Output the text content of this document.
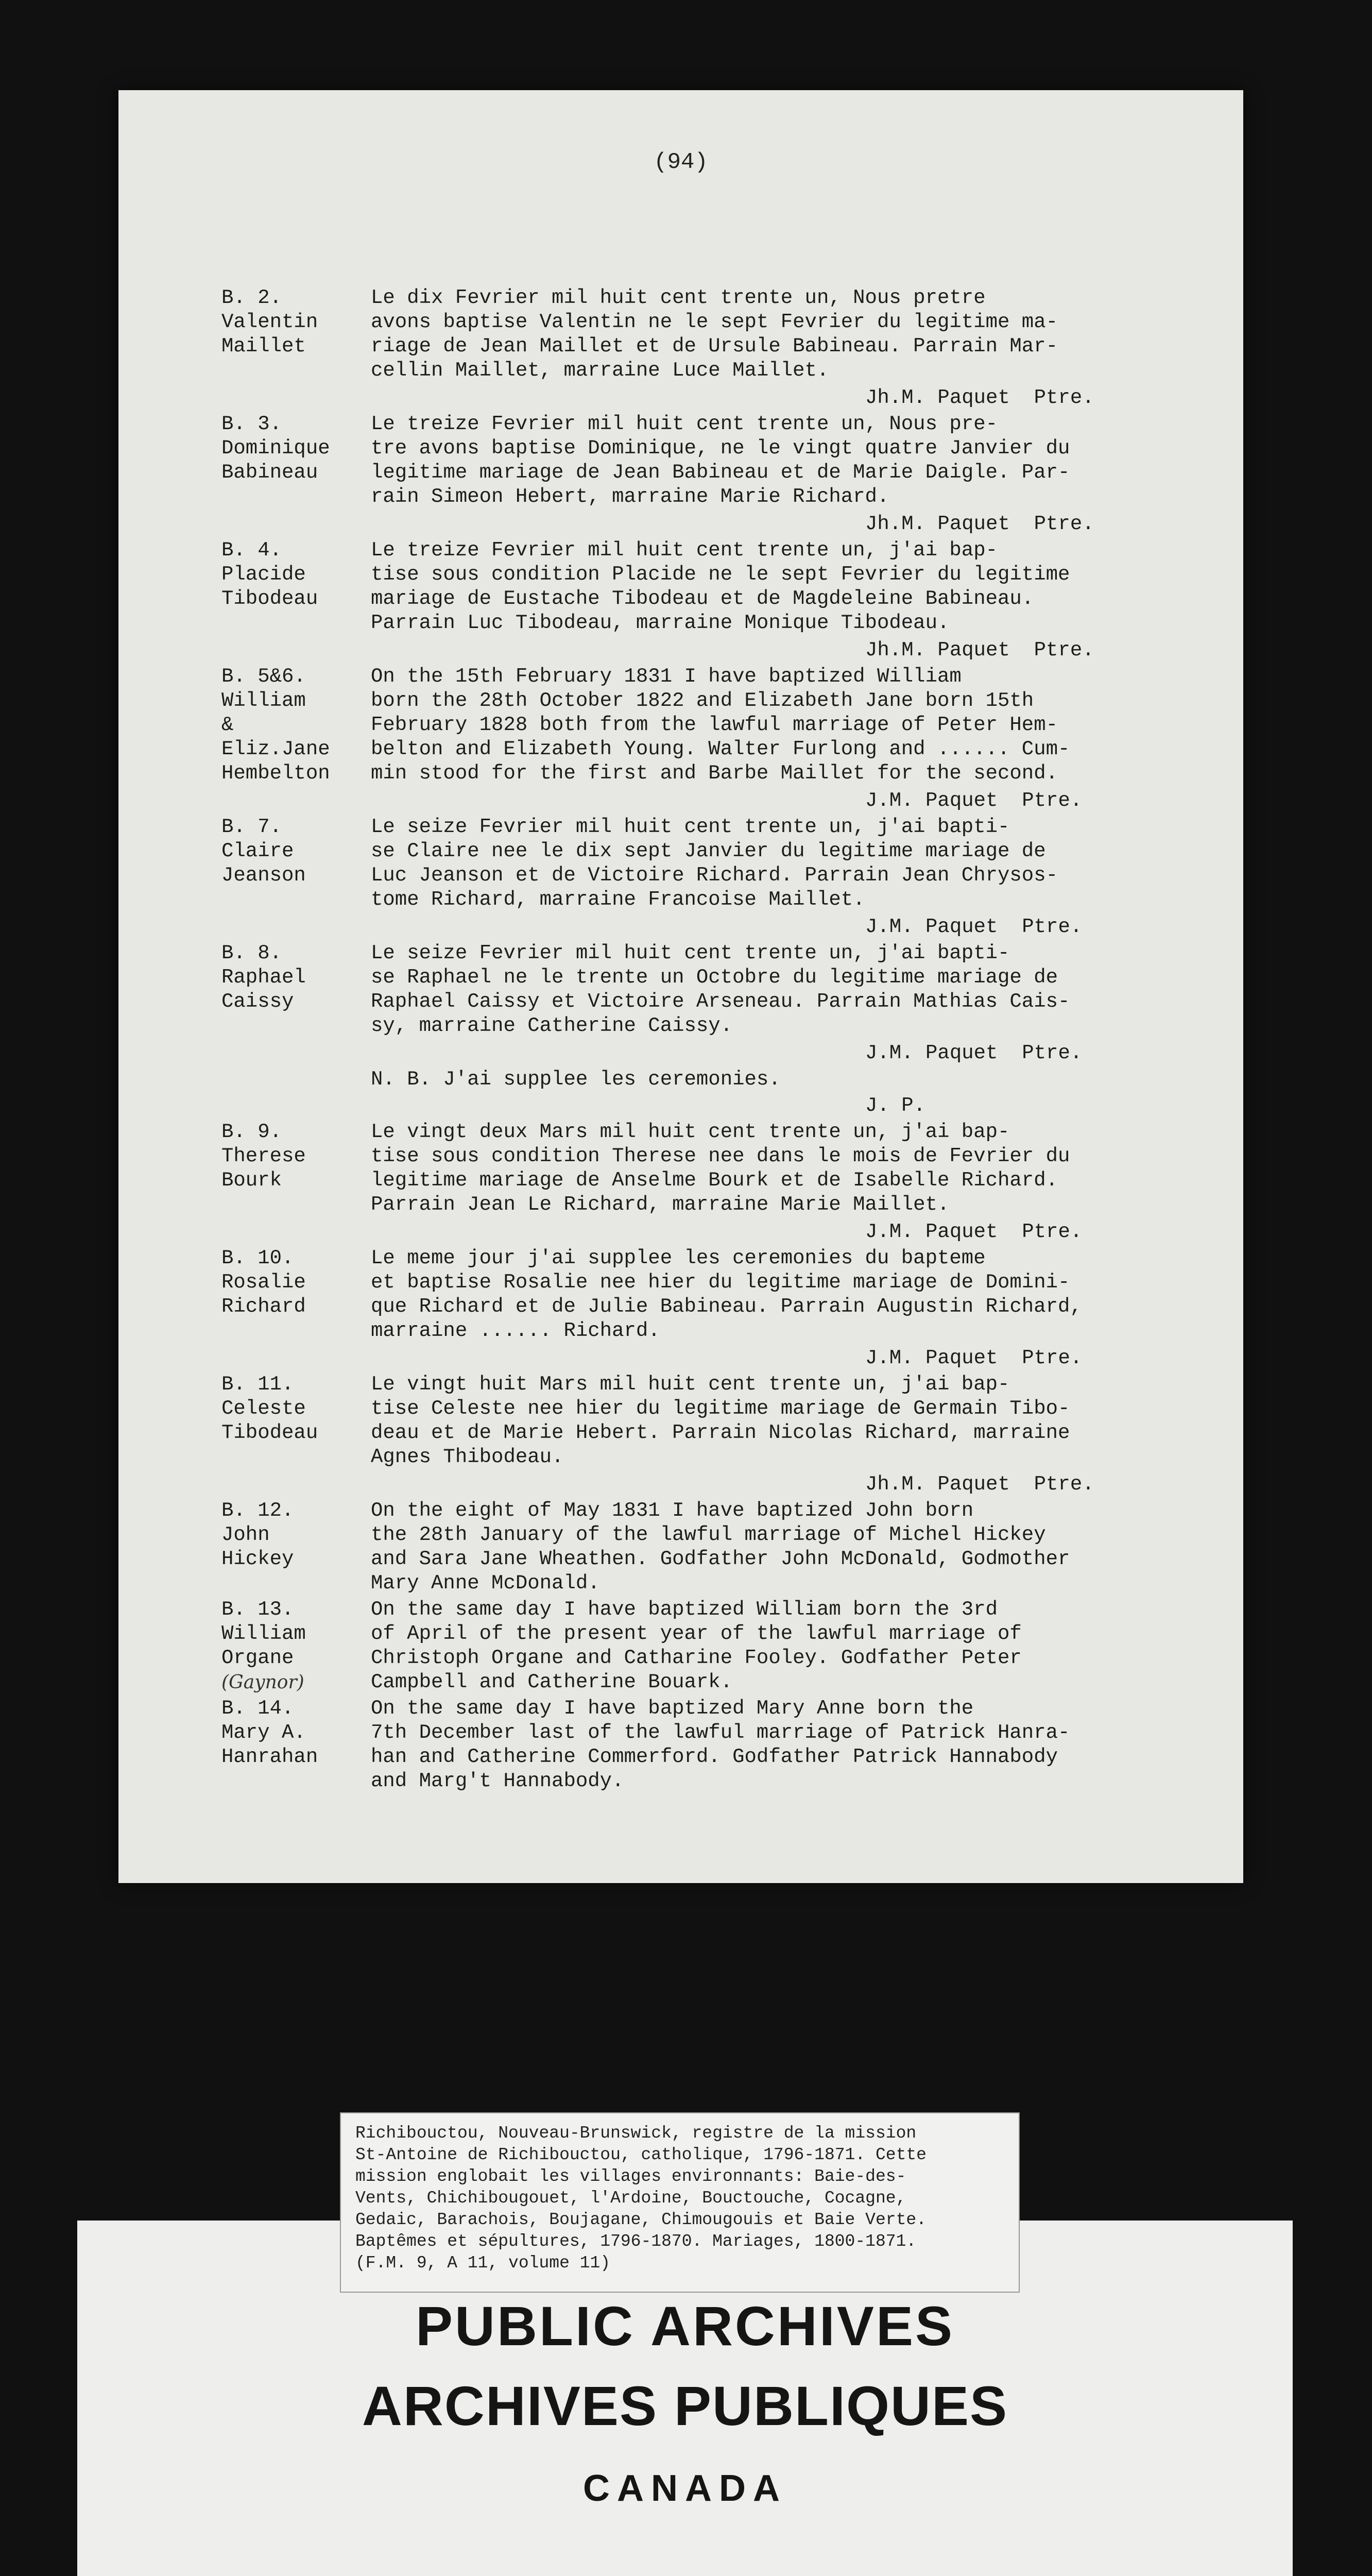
(94)
B. 2.
Valentin
Maillet
Le dix Fevrier mil huit cent trente un, Nous pretre
avons baptise Valentin ne le sept Fevrier du legitime ma-
riage de Jean Maillet et de Ursule Babineau. Parrain Mar-
cellin Maillet, marraine Luce Maillet.
Jh.M. Paquet  Ptre.
B. 3.
Dominique
Babineau
Le treize Fevrier mil huit cent trente un, Nous pre-
tre avons baptise Dominique, ne le vingt quatre Janvier du
legitime mariage de Jean Babineau et de Marie Daigle. Par-
rain Simeon Hebert, marraine Marie Richard.
Jh.M. Paquet  Ptre.
B. 4.
Placide
Tibodeau
Le treize Fevrier mil huit cent trente un, j'ai bap-
tise sous condition Placide ne le sept Fevrier du legitime
mariage de Eustache Tibodeau et de Magdeleine Babineau.
Parrain Luc Tibodeau, marraine Monique Tibodeau.
Jh.M. Paquet  Ptre.
B. 5&6.
William
&
Eliz.Jane
Hembelton
On the 15th February 1831 I have baptized William
born the 28th October 1822 and Elizabeth Jane born 15th
February 1828 both from the lawful marriage of Peter Hem-
belton and Elizabeth Young. Walter Furlong and ...... Cum-
min stood for the first and Barbe Maillet for the second.
J.M. Paquet  Ptre.
B. 7.
Claire
Jeanson
Le seize Fevrier mil huit cent trente un, j'ai bapti-
se Claire nee le dix sept Janvier du legitime mariage de
Luc Jeanson et de Victoire Richard. Parrain Jean Chrysos-
tome Richard, marraine Francoise Maillet.
J.M. Paquet  Ptre.
B. 8.
Raphael
Caissy
Le seize Fevrier mil huit cent trente un, j'ai bapti-
se Raphael ne le trente un Octobre du legitime mariage de
Raphael Caissy et Victoire Arseneau. Parrain Mathias Cais-
sy, marraine Catherine Caissy.
J.M. Paquet  Ptre.
N. B. J'ai supplee les ceremonies.
J. P.
B. 9.
Therese
Bourk
Le vingt deux Mars mil huit cent trente un, j'ai bap-
tise sous condition Therese nee dans le mois de Fevrier du
legitime mariage de Anselme Bourk et de Isabelle Richard.
Parrain Jean Le Richard, marraine Marie Maillet.
J.M. Paquet  Ptre.
B. 10.
Rosalie
Richard
Le meme jour j'ai supplee les ceremonies du bapteme
et baptise Rosalie nee hier du legitime mariage de Domini-
que Richard et de Julie Babineau. Parrain Augustin Richard,
marraine ...... Richard.
J.M. Paquet  Ptre.
B. 11.
Celeste
Tibodeau
Le vingt huit Mars mil huit cent trente un, j'ai bap-
tise Celeste nee hier du legitime mariage de Germain Tibo-
deau et de Marie Hebert. Parrain Nicolas Richard, marraine
Agnes Thibodeau.
Jh.M. Paquet  Ptre.
B. 12.
John
Hickey
On the eight of May 1831 I have baptized John born
the 28th January of the lawful marriage of Michel Hickey
and Sara Jane Wheathen. Godfather John McDonald, Godmother
Mary Anne McDonald.
B. 13.
William
Organe
(Gaynor)
On the same day I have baptized William born the 3rd
of April of the present year of the lawful marriage of
Christoph Organe and Catharine Fooley. Godfather Peter
Campbell and Catherine Bouark.
B. 14.
Mary A.
Hanrahan
On the same day I have baptized Mary Anne born the
7th December last of the lawful marriage of Patrick Hanra-
han and Catherine Commerford. Godfather Patrick Hannabody
and Marg't Hannabody.
PUBLIC ARCHIVES
ARCHIVES PUBLIQUES
CANADA
Richibouctou, Nouveau-Brunswick, registre de la mission
St-Antoine de Richibouctou, catholique, 1796-1871. Cette
mission englobait les villages environnants: Baie-des-
Vents, Chichibougouet, l'Ardoine, Bouctouche, Cocagne,
Gedaic, Barachois, Boujagane, Chimougouis et Baie Verte.
Baptêmes et sépultures, 1796-1870. Mariages, 1800-1871.
(F.M. 9, A 11, volume 11)
